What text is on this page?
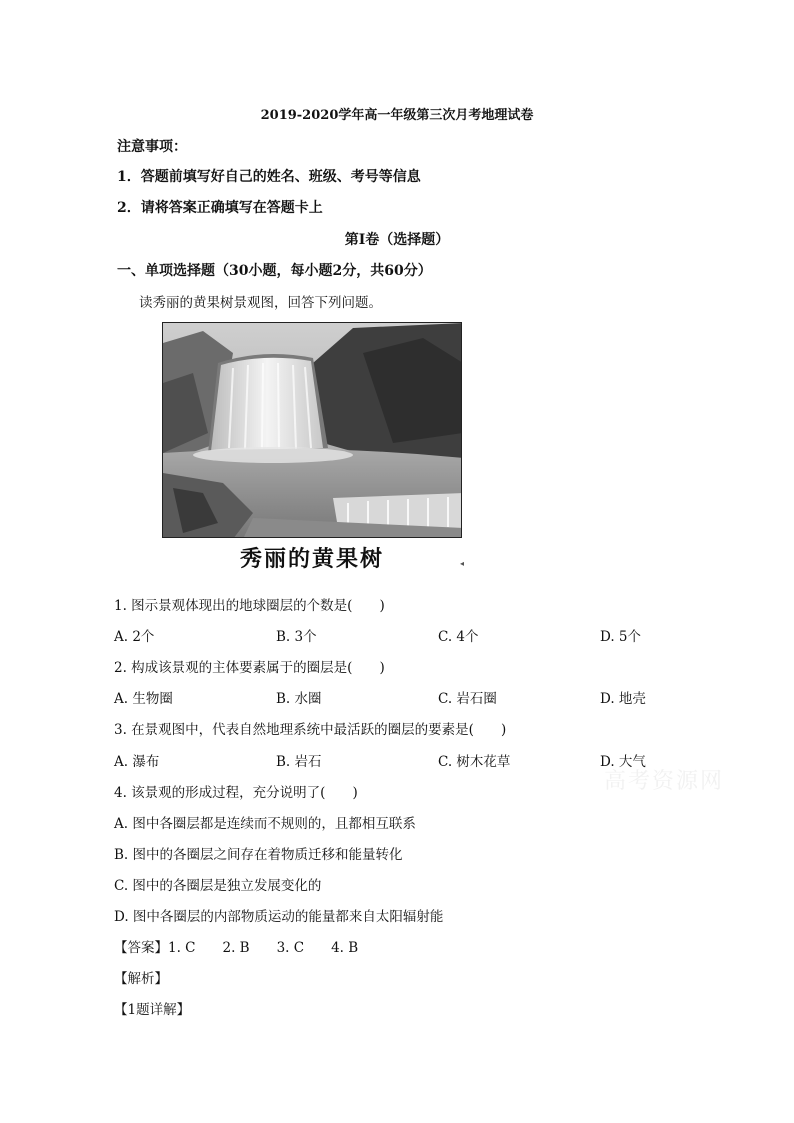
2019-2020学年高一年级第三次月考地理试卷
注意事项：
1．答题前填写好自己的姓名、班级、考号等信息
2．请将答案正确填写在答题卡上
第I卷（选择题）
一、单项选择题（30小题，每小题2分，共60分）
读秀丽的黄果树景观图，回答下列问题。
秀丽的黄果树	◂
1. 图示景观体现出的地球圈层的个数是(　　)
A. 2个	B. 3个	C. 4个	D. 5个
2. 构成该景观的主体要素属于的圈层是(　　)
A. 生物圈	B. 水圈	C. 岩石圈	D. 地壳
3. 在景观图中，代表自然地理系统中最活跃的圈层的要素是(　　)
A. 瀑布	B. 岩石	C. 树木花草	D. 大气
高考资源网
4. 该景观的形成过程，充分说明了(　　)
A. 图中各圈层都是连续而不规则的，且都相互联系
B. 图中的各圈层之间存在着物质迁移和能量转化
C. 图中的各圈层是独立发展变化的
D. 图中各圈层的内部物质运动的能量都来自太阳辐射能
【答案】1. C　　2. B　　3. C　　4. B
【解析】
【1题详解】
